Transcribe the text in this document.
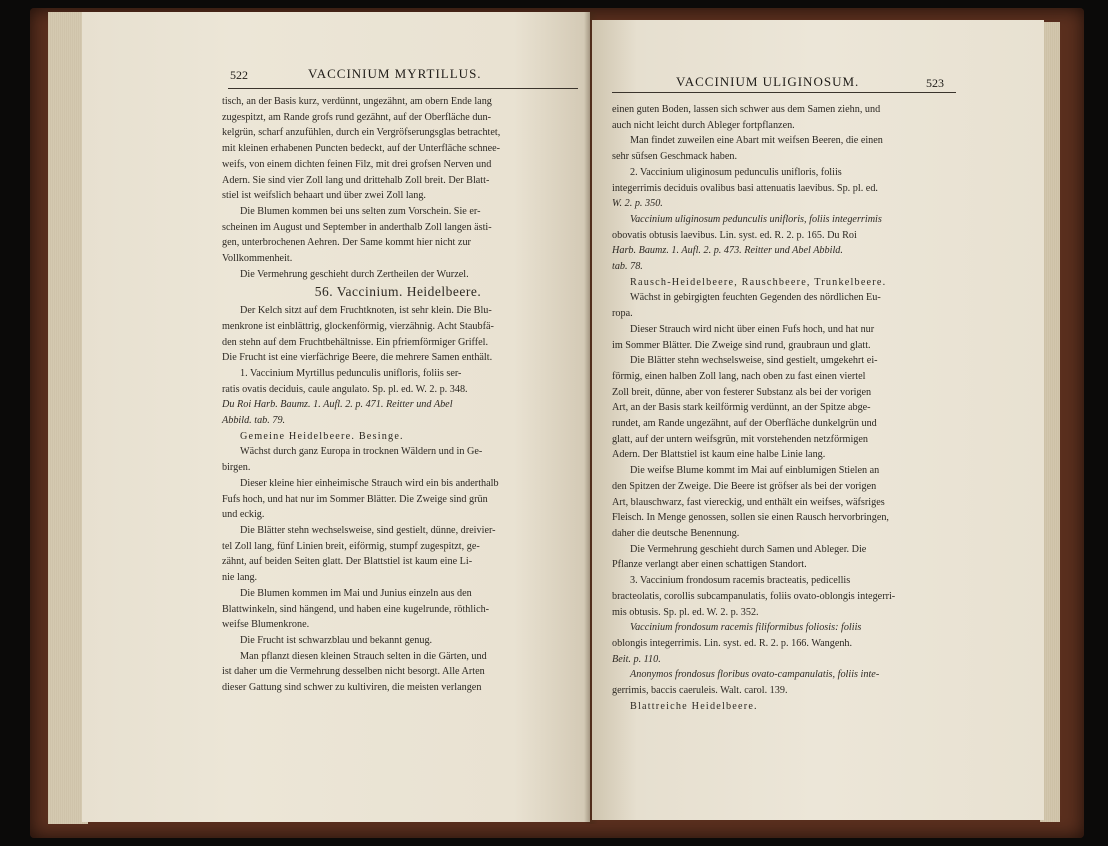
522	VACCINIUM MYRTILLUS.

tisch, an der Basis kurz, verdünnt, ungezähnt, am obern Ende lang

zugespitzt, am Rande grofs rund gezähnt, auf der Oberfläche dun-

kelgrün, scharf anzufühlen, durch ein Vergröfserungsglas betrachtet,

mit kleinen erhabenen Puncten bedeckt, auf der Unterfläche schnee-

weifs, von einem dichten feinen Filz, mit drei grofsen Nerven und

Adern. Sie sind vier Zoll lang und drittehalb Zoll breit. Der Blatt-

stiel ist weifslich behaart und über zwei Zoll lang.

Die Blumen kommen bei uns selten zum Vorschein. Sie er-

scheinen im August und September in anderthalb Zoll langen ästi-

gen, unterbrochenen Aehren. Der Same kommt hier nicht zur

Vollkommenheit.

Die Vermehrung geschieht durch Zertheilen der Wurzel.

56. Vaccinium. Heidelbeere.

Der Kelch sitzt auf dem Fruchtknoten, ist sehr klein. Die Blu-

menkrone ist einblättrig, glockenförmig, vierzähnig. Acht Staubfä-

den stehn auf dem Fruchtbehältnisse. Ein pfriemförmiger Griffel.

Die Frucht ist eine vierfächrige Beere, die mehrere Samen enthält.

1. Vaccinium Myrtillus pedunculis unifloris, foliis ser-

ratis ovatis deciduis, caule angulato. Sp. pl. ed. W. 2. p. 348.

Du Roi Harb. Baumz. 1. Aufl. 2. p. 471. Reitter und Abel

Abbild. tab. 79.

Gemeine Heidelbeere. Besinge.

Wächst durch ganz Europa in trocknen Wäldern und in Ge-

birgen.

Dieser kleine hier einheimische Strauch wird ein bis anderthalb

Fufs hoch, und hat nur im Sommer Blätter. Die Zweige sind grün

und eckig.

Die Blätter stehn wechselsweise, sind gestielt, dünne, dreivier-

tel Zoll lang, fünf Linien breit, eiförmig, stumpf zugespitzt, ge-

zähnt, auf beiden Seiten glatt. Der Blattstiel ist kaum eine Li-

nie lang.

Die Blumen kommen im Mai und Junius einzeln aus den

Blattwinkeln, sind hängend, und haben eine kugelrunde, röthlich-

weifse Blumenkrone.

Die Frucht ist schwarzblau und bekannt genug.

Man pflanzt diesen kleinen Strauch selten in die Gärten, und

ist daher um die Vermehrung desselben nicht besorgt. Alle Arten

dieser Gattung sind schwer zu kultiviren, die meisten verlangen

VACCINIUM ULIGINOSUM.	523

einen guten Boden, lassen sich schwer aus dem Samen ziehn, und

auch nicht leicht durch Ableger fortpflanzen.

Man findet zuweilen eine Abart mit weifsen Beeren, die einen

sehr süfsen Geschmack haben.

2. Vaccinium uliginosum pedunculis unifloris, foliis

integerrimis deciduis ovalibus basi attenuatis laevibus. Sp. pl. ed.

W. 2. p. 350.

Vaccinium uliginosum pedunculis unifloris, foliis integerrimis

obovatis obtusis laevibus. Lin. syst. ed. R. 2. p. 165. Du Roi

Harb. Baumz. 1. Aufl. 2. p. 473. Reitter und Abel Abbild.

tab. 78.

Rausch-Heidelbeere, Rauschbeere, Trunkelbeere.

Wächst in gebirgigten feuchten Gegenden des nördlichen Eu-

ropa.

Dieser Strauch wird nicht über einen Fufs hoch, und hat nur

im Sommer Blätter. Die Zweige sind rund, graubraun und glatt.

Die Blätter stehn wechselsweise, sind gestielt, umgekehrt ei-

förmig, einen halben Zoll lang, nach oben zu fast einen viertel

Zoll breit, dünne, aber von festerer Substanz als bei der vorigen

Art, an der Basis stark keilförmig verdünnt, an der Spitze abge-

rundet, am Rande ungezähnt, auf der Oberfläche dunkelgrün und

glatt, auf der untern weifsgrün, mit vorstehenden netzförmigen

Adern. Der Blattstiel ist kaum eine halbe Linie lang.

Die weifse Blume kommt im Mai auf einblumigen Stielen an

den Spitzen der Zweige. Die Beere ist gröfser als bei der vorigen

Art, blauschwarz, fast viereckig, und enthält ein weifses, wäfsriges

Fleisch. In Menge genossen, sollen sie einen Rausch hervorbringen,

daher die deutsche Benennung.

Die Vermehrung geschieht durch Samen und Ableger. Die

Pflanze verlangt aber einen schattigen Standort.

3. Vaccinium frondosum racemis bracteatis, pedicellis

bracteolatis, corollis subcampanulatis, foliis ovato-oblongis integerri-

mis obtusis. Sp. pl. ed. W. 2. p. 352.

Vaccinium frondosum racemis filiformibus foliosis: foliis

oblongis integerrimis. Lin. syst. ed. R. 2. p. 166. Wangenh.

Beit. p. 110.

Anonymos frondosus floribus ovato-campanulatis, foliis inte-

gerrimis, baccis caeruleis. Walt. carol. 139.

Blattreiche Heidelbeere.
